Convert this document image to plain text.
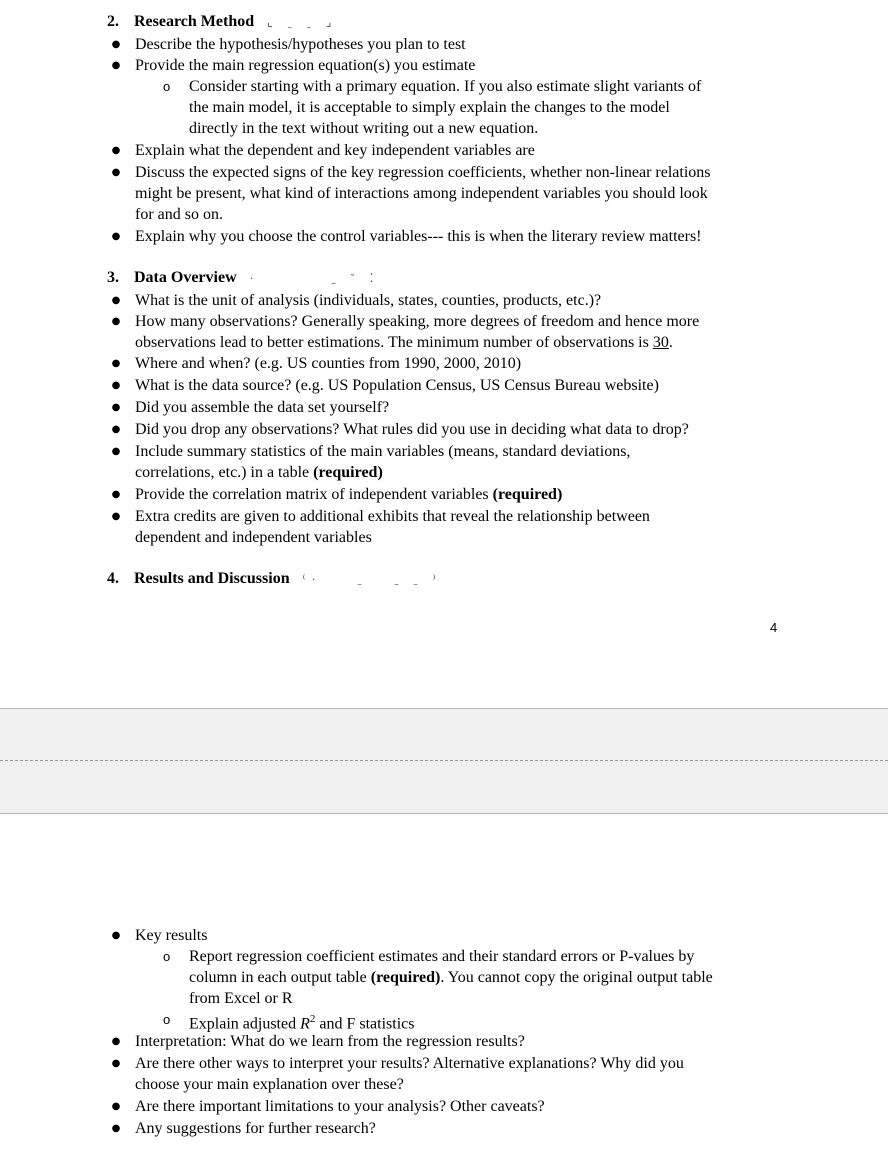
2. Research Method  ⌞ ˍ ˍ ⌟
●
Describe the hypothesis/hypotheses you plan to test
●
Provide the main regression equation(s) you estimate
o
Consider starting with a primary equation. If you also estimate slight variants of
the main model, it is acceptable to simply explain the changes to the model
directly in the text without writing out a new equation.
●
Explain what the dependent and key independent variables are
●
Discuss the expected signs of the key regression coefficients, whether non-linear relations
might be present, what kind of interactions among independent variables you should look
for and so on.
●
Explain why you choose the control variables--- this is when the literary review matters!
3. Data Overview  ·        ˍ ˘ ⁚
●
What is the unit of analysis (individuals, states, counties, products, etc.)?
●
How many observations? Generally speaking, more degrees of freedom and hence more
observations lead to better estimations. The minimum number of observations is 30.
●
Where and when? (e.g. US counties from 1990, 2000, 2010)
●
What is the data source? (e.g. US Population Census, US Census Bureau website)
●
Did you assemble the data set yourself?
●
Did you drop any observations? What rules did you use in deciding what data to drop?
●
Include summary statistics of the main variables (means, standard deviations,
correlations, etc.) in a table (required)
●
Provide the correlation matrix of independent variables (required)
●
Extra credits are given to additional exhibits that reveal the relationship between
dependent and independent variables
4. Results and Discussion  ⁽·    ˍ   ˍ ˍ ⁾
4
●
Key results
o
Report regression coefficient estimates and their standard errors or P-values by
column in each output table (required). You cannot copy the original output table
from Excel or R
o
Explain adjusted $R^2$ and F statistics
●
Interpretation: What do we learn from the regression results?
●
Are there other ways to interpret your results? Alternative explanations? Why did you
choose your main explanation over these?
●
Are there important limitations to your analysis? Other caveats?
●
Any suggestions for further research?
